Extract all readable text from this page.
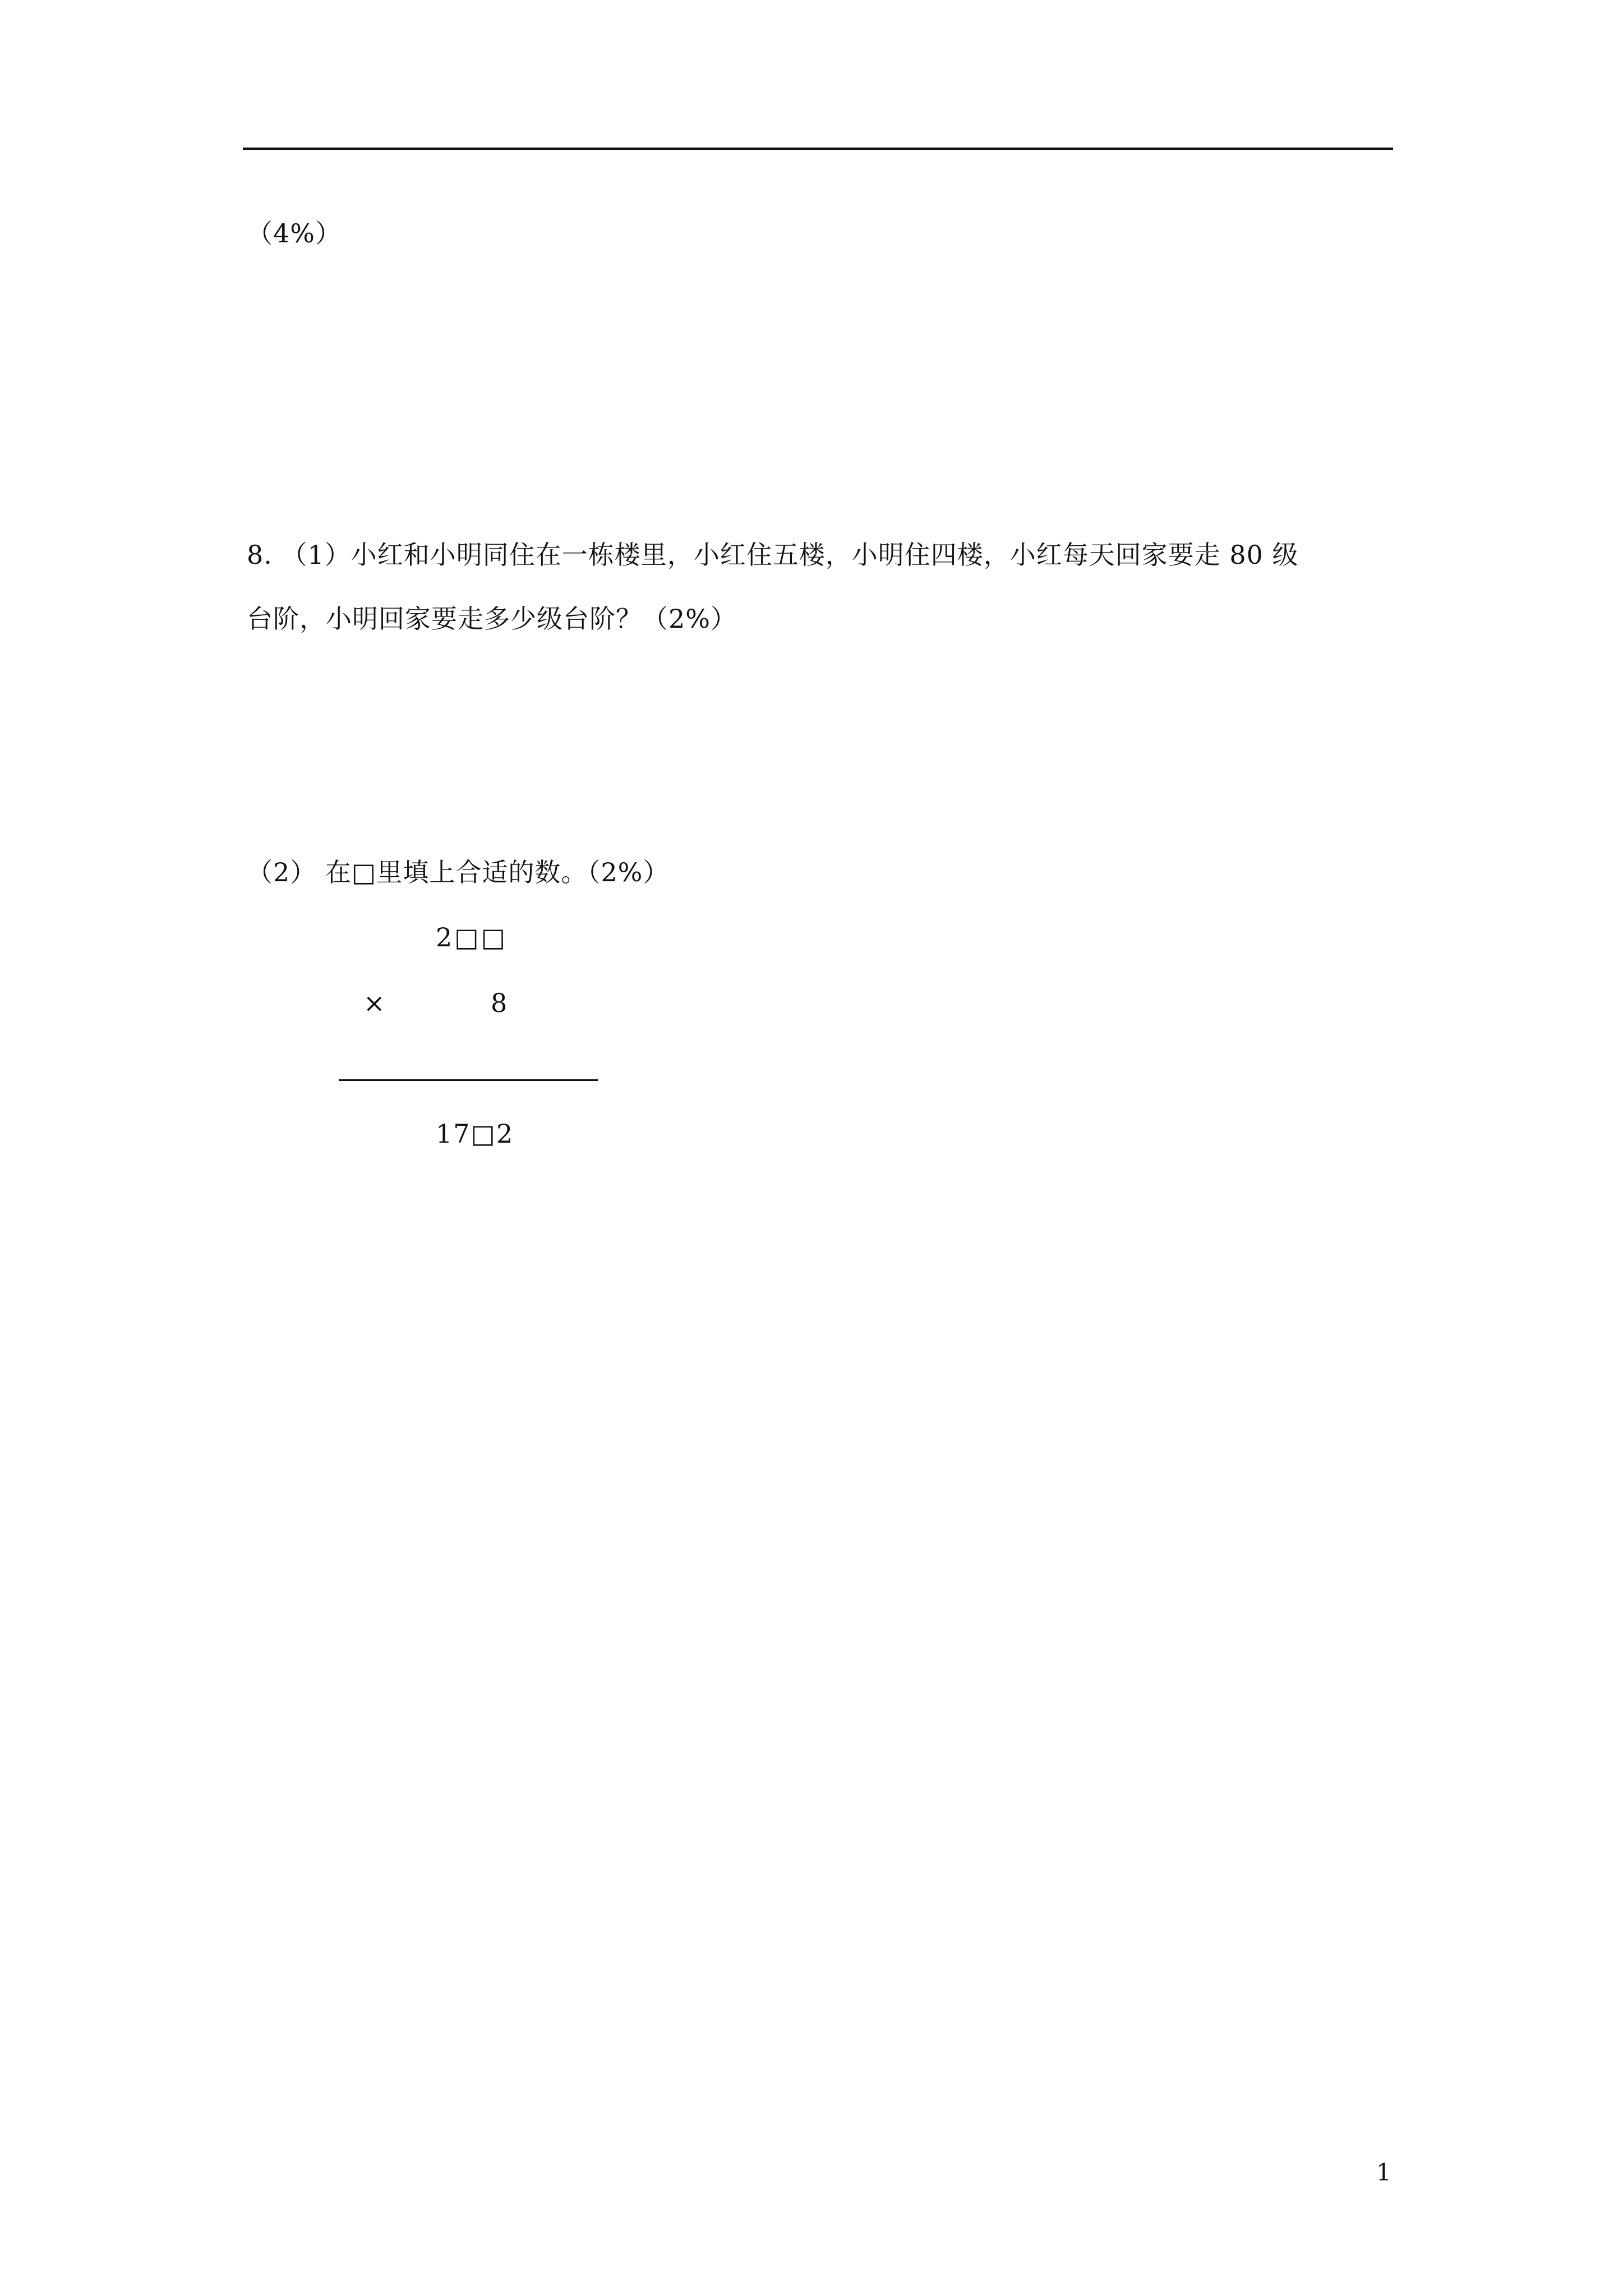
（4%）
8. （1）小红和小明同住在一栋楼里，小红住五楼，小明住四楼，小红每天回家要走 80 级
台阶，小明回家要走多少级台阶？（2%）
（2） 在□里填上合适的数。（2%）
2□□
×	8
17□2
1
